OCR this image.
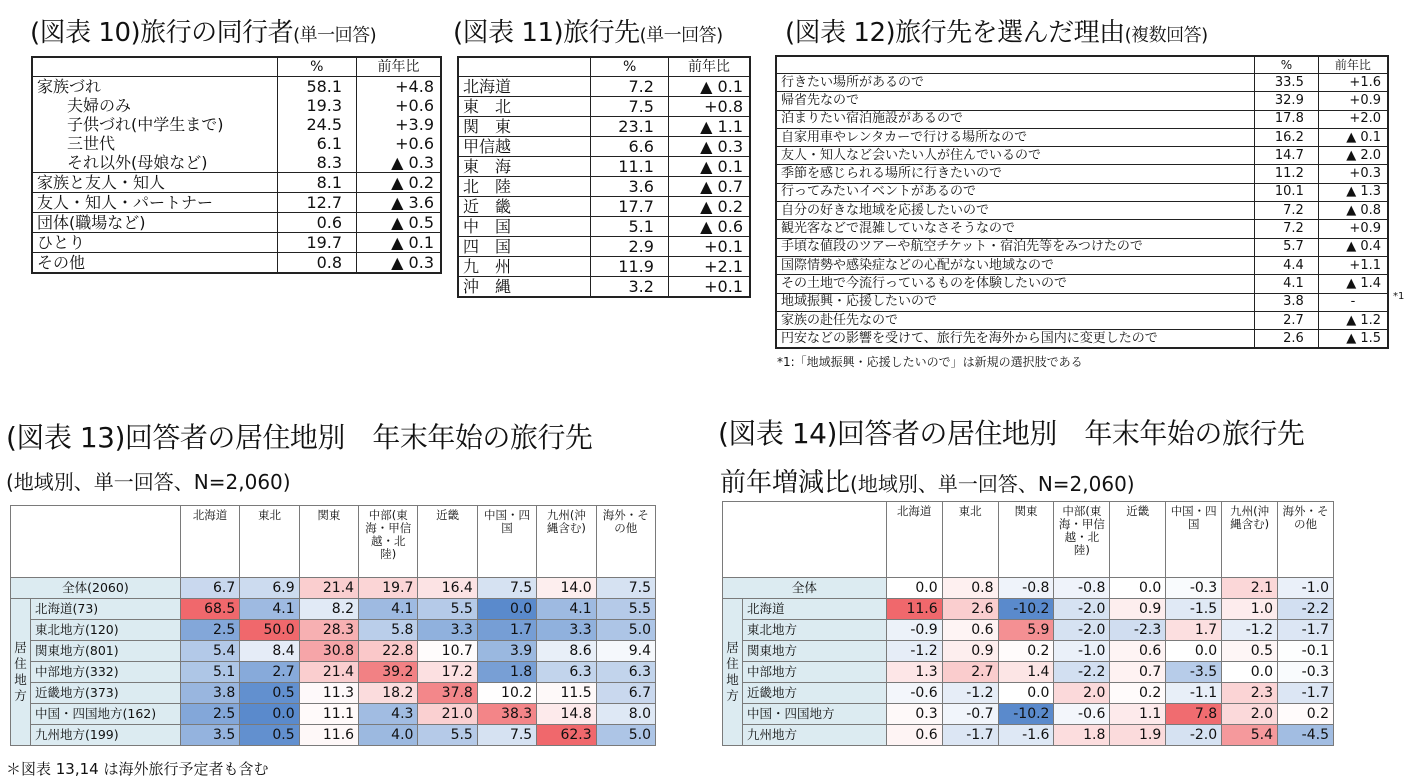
(図表 10)旅行の同行者(単一回答)	(図表 11)旅行先(単一回答) (図表 12)旅行先を選んだ理由(複数回答)
	%	前年比
家族づれ	58.1	+4.8
夫婦のみ	19.3	+0.6
子供づれ(中学生まで)	24.5	+3.9
三世代	6.1	+0.6
それ以外(母娘など)	8.3	▲ 0.3
家族と友人・知人	8.1	▲ 0.2
友人・知人・パートナー	12.7	▲ 3.6
団体(職場など)	0.6	▲ 0.5
ひとり	19.7	▲ 0.1
その他	0.8	▲ 0.3
	%	前年比
北海道	7.2	▲ 0.1
東　北	7.5	+0.8
関　東	23.1	▲ 1.1
甲信越	6.6	▲ 0.3
東　海	11.1	▲ 0.1
北　陸	3.6	▲ 0.7
近　畿	17.7	▲ 0.2
中　国	5.1	▲ 0.6
四　国	2.9	+0.1
九　州	11.9	+2.1
沖　縄	3.2	+0.1
	%	前年比
行きたい場所があるので	33.5	+1.6
帰省先なので	32.9	+0.9
泊まりたい宿泊施設があるので	17.8	+2.0
自家用車やレンタカーで行ける場所なので	16.2	▲ 0.1
友人・知人など会いたい人が住んでいるので	14.7	▲ 2.0
季節を感じられる場所に行きたいので	11.2	+0.3
行ってみたいイベントがあるので	10.1	▲ 1.3
自分の好きな地域を応援したいので	7.2	▲ 0.8
観光客などで混雑していなさそうなので	7.2	+0.9
手頃な値段のツアーや航空チケット・宿泊先等をみつけたので	5.7	▲ 0.4
国際情勢や感染症などの心配がない地域なので	4.4	+1.1
その土地で今流行っているものを体験したいので	4.1	▲ 1.4
地域振興・応援したいので	3.8	-
家族の赴任先なので	2.7	▲ 1.2
円安などの影響を受けて、旅行先を海外から国内に変更したので	2.6	▲ 1.5
*1
*1:「地域振興・応援したいので」は新規の選択肢である
(図表 13)回答者の居住地別　年末年始の旅行先
(地域別、単一回答、N=2,060)
		北海道	東北	関東	中部(東海・甲信越・北陸)	近畿	中国・四国	九州(沖縄含む)	海外・その他
全体(2060)		6.7	6.9	21.4	19.7	16.4	7.5	14.0	7.5
居住地方	北海道(73)	68.5	4.1	8.2	4.1	5.5	0.0	4.1	5.5
	東北地方(120)	2.5	50.0	28.3	5.8	3.3	1.7	3.3	5.0
	関東地方(801)	5.4	8.4	30.8	22.8	10.7	3.9	8.6	9.4
	中部地方(332)	5.1	2.7	21.4	39.2	17.2	1.8	6.3	6.3
	近畿地方(373)	3.8	0.5	11.3	18.2	37.8	10.2	11.5	6.7
	中国・四国地方(162)	2.5	0.0	11.1	4.3	21.0	38.3	14.8	8.0
	九州地方(199)	3.5	0.5	11.6	4.0	5.5	7.5	62.3	5.0
＊図表 13,14 は海外旅行予定者も含む
(図表 14)回答者の居住地別　年末年始の旅行先
前年増減比(地域別、単一回答、N=2,060)
		北海道	東北	関東	中部(東海・甲信越・北陸)	近畿	中国・四国	九州(沖縄含む)	海外・その他
全体		0.0	0.8	-0.8	-0.8	0.0	-0.3	2.1	-1.0
居住地方	北海道	11.6	2.6	-10.2	-2.0	0.9	-1.5	1.0	-2.2
	東北地方	-0.9	0.6	5.9	-2.0	-2.3	1.7	-1.2	-1.7
	関東地方	-1.2	0.9	0.2	-1.0	0.6	0.0	0.5	-0.1
	中部地方	1.3	2.7	1.4	-2.2	0.7	-3.5	0.0	-0.3
	近畿地方	-0.6	-1.2	0.0	2.0	0.2	-1.1	2.3	-1.7
	中国・四国地方	0.3	-0.7	-10.2	-0.6	1.1	7.8	2.0	0.2
	九州地方	0.6	-1.7	-1.6	1.8	1.9	-2.0	5.4	-4.5
